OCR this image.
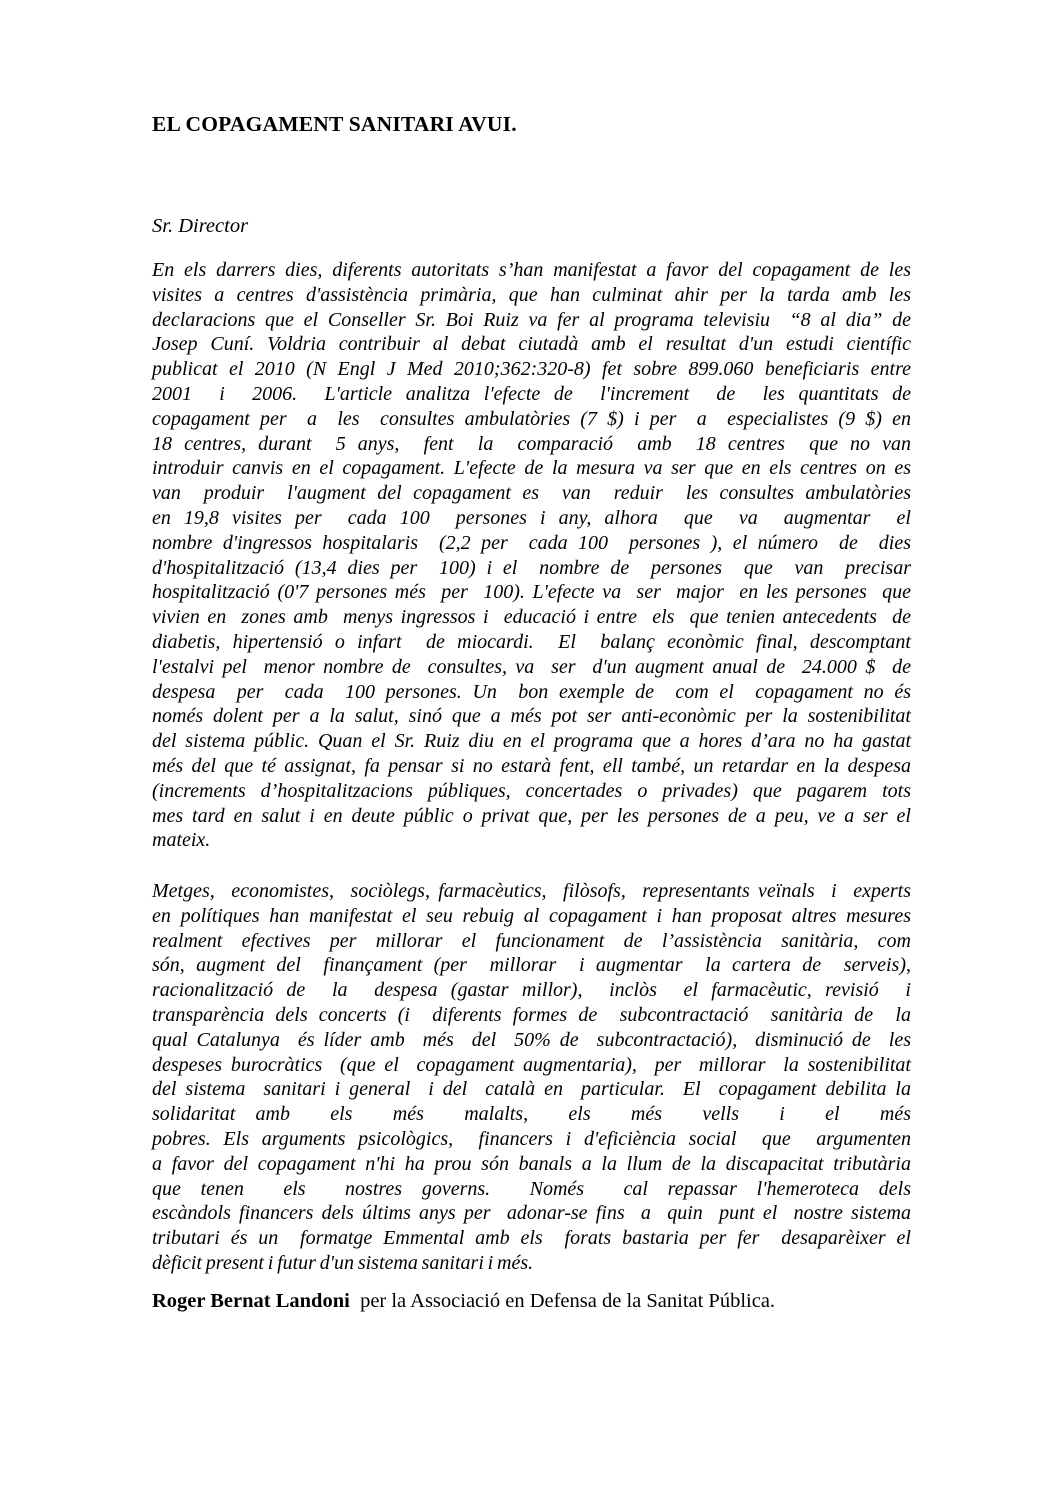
EL COPAGAMENT SANITARI AVUI.
Sr. Director
En els darrers dies, diferents autoritats s’han manifestat a favor del copagament de les
visites a centres d'assistència primària, que han culminat ahir per la tarda amb les
declaracions que el Conseller Sr. Boi Ruiz va fer al programa televisiu  “8 al dia” de
Josep Cuní. Voldria contribuir al debat ciutadà amb el resultat d'un estudi científic
publicat el 2010 (N Engl J Med 2010;362:320-8) fet sobre 899.060 beneficiaris entre
2001  i  2006.  L'article analitza l'efecte de  l'increment  de  les quantitats de
copagament per  a  les  consultes ambulatòries (7 $) i per  a  especialistes (9 $) en
18 centres, durant  5 anys,  fent  la  comparació  amb  18 centres  que no van
introduir canvis en el copagament. L'efecte de la mesura va ser que en els centres on es
van  produir  l'augment del copagament es  van  reduir  les consultes ambulatòries
en 19,8 visites per  cada 100  persones i any, alhora  que  va  augmentar  el
nombre d'ingressos hospitalaris  (2,2 per  cada 100  persones ), el número  de  dies
d'hospitalització (13,4 dies per  100) i el  nombre de  persones  que  van  precisar
hospitalització (0'7 persones més  per  100). L'efecte va  ser  major  en les persones  que
vivien en  zones amb  menys ingressos i  educació i entre  els  que tenien antecedents  de
diabetis, hipertensió o infart  de miocardi.  El  balanç econòmic final, descomptant
l'estalvi pel  menor nombre de  consultes, va  ser  d'un augment anual de  24.000 $  de
despesa  per  cada  100 persones. Un  bon exemple de  com el  copagament no és
només dolent per a la salut, sinó que a més pot ser anti-econòmic per la sostenibilitat
del sistema públic. Quan el Sr. Ruiz diu en el programa que a hores d’ara no ha gastat
més del que té assignat, fa pensar si no estarà fent, ell també, un retardar en la despesa
(increments d’hospitalitzacions públiques, concertades o privades) que pagarem tots
mes tard en salut i en deute públic o privat que, per les persones de a peu, ve a ser el
mateix.
Metges,  economistes,  sociòlegs, farmacèutics,  filòsofs,  representants veïnals  i  experts
en polítiques han manifestat el seu rebuig al copagament i han proposat altres mesures
realment  efectives  per  millorar  el  funcionament  de  l’assistència  sanitària,  com
són, augment del  finançament (per  millorar  i augmentar  la cartera de  serveis),
racionalització de  la  despesa (gastar millor),  inclòs  el farmacèutic, revisió  i
transparència dels concerts (i  diferents formes de  subcontractació  sanitària de  la
qual Catalunya  és líder amb  més  del  50% de  subcontractació),  disminució de  les
despeses burocràtics  (que el  copagament augmentaria),  per  millorar  la sostenibilitat
del sistema  sanitari i general  i del  català en  particular.  El  copagament debilita la
solidaritat amb  els  més  malalts,  els  més  vells  i  el  més
pobres. Els arguments psicològics,  financers i d'eficiència social  que  argumenten
a favor del copagament n'hi ha prou són banals a la llum de la discapacitat tributària
que tenen  els  nostres governs.  Només  cal repassar l'hemeroteca dels
escàndols financers dels últims anys per  adonar-se fins  a  quin  punt el  nostre sistema
tributari és un  formatge Emmental amb els  forats bastaria per fer  desaparèixer el
dèficit present i futur d'un sistema sanitari i més.

Roger Bernat Landoni  per la Associació en Defensa de la Sanitat Pública.
